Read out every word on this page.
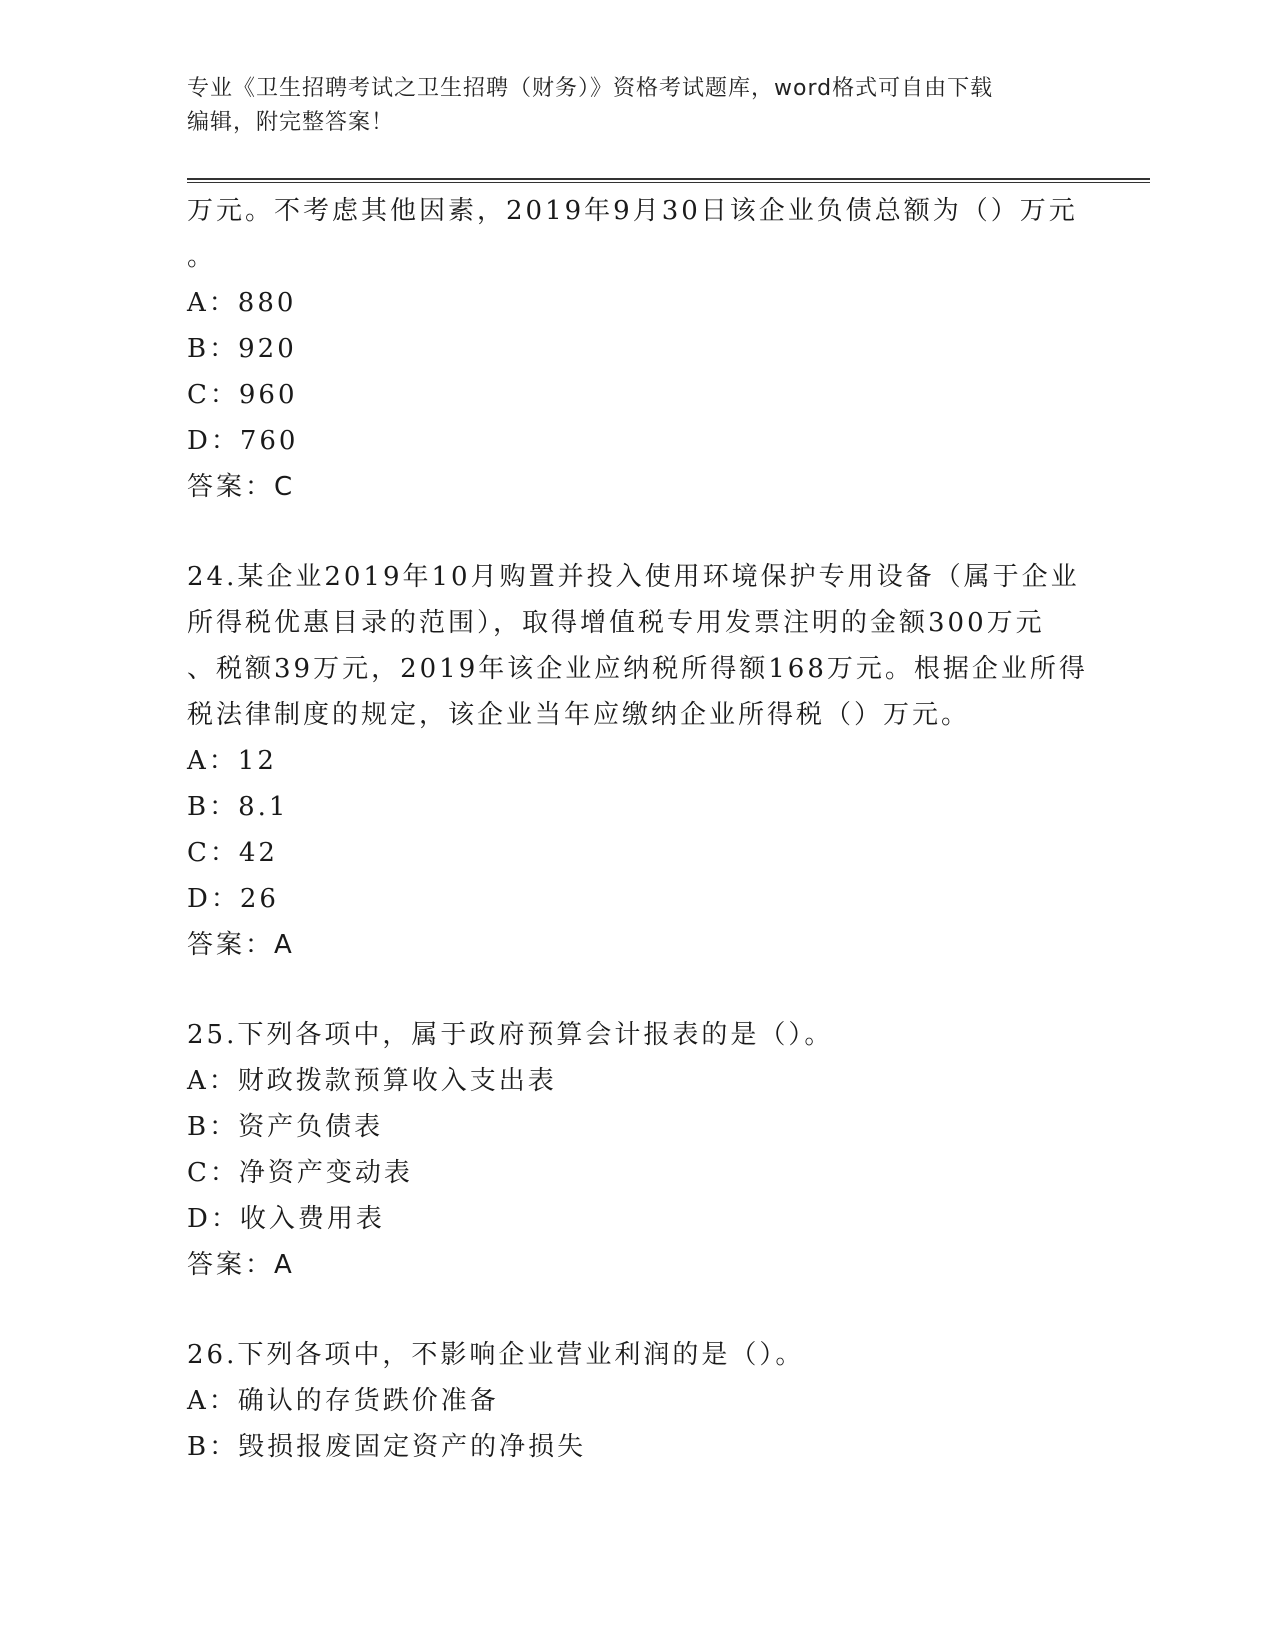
专业《卫生招聘考试之卫生招聘（财务）》资格考试题库，word格式可自由下载
编辑，附完整答案！
万元。不考虑其他因素，2019年9月30日该企业负债总额为（）万元
。
A：880
B：920
C：960
D：760
答案：C
24.某企业2019年10月购置并投入使用环境保护专用设备（属于企业
所得税优惠目录的范围），取得增值税专用发票注明的金额300万元
、税额39万元，2019年该企业应纳税所得额168万元。根据企业所得
税法律制度的规定，该企业当年应缴纳企业所得税（）万元。
A：12
B：8.1
C：42
D：26
答案：A
25.下列各项中，属于政府预算会计报表的是（）。
A：财政拨款预算收入支出表
B：资产负债表
C：净资产变动表
D：收入费用表
答案：A
26.下列各项中，不影响企业营业利润的是（）。
A：确认的存货跌价准备
B：毁损报废固定资产的净损失
